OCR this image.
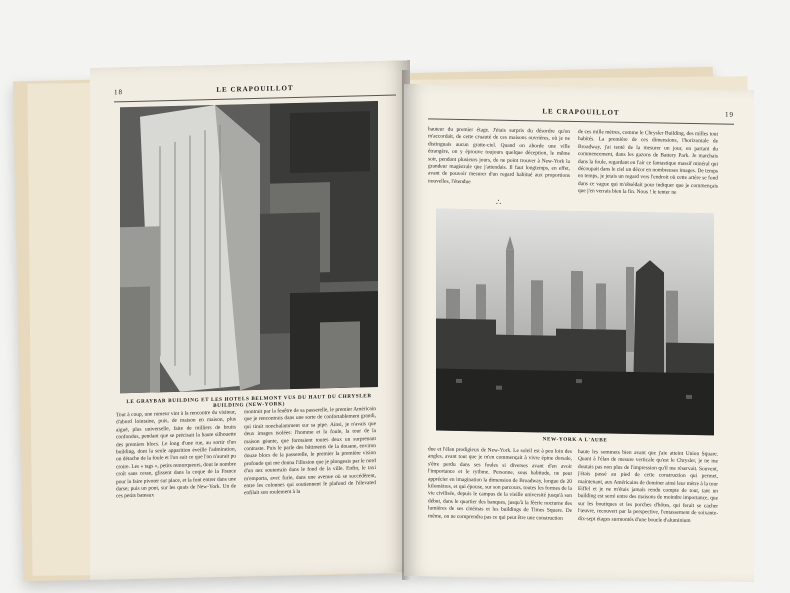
18	LE CRAPOUILLOT
LE GRAYBAR BUILDING ET LES HOTELS BELMONT VUS DU HAUT DU CHRYSLER BUILDING (NEW-YORK)
Tout à coup, une rumeur vint à la rencontre du visiteur, d'abord lointaine, puis, de maison en maison, plus aiguë, plus universelle, faite de milliers de bruits confondus, pendant que se précisait la haute silhouette des premiers blocs. Le long d'une rue, au sortir d'un building, dont la seule apparition éveille l'admiration, on détache de la foule et l'on suit ce que l'on n'aurait pu croire. Les « tags », petits remorqueurs, dont le nombre croît sans cesse, glissent dans la coque de la France pour la faire pivoter sur place, et la font entrer dans une darse; puis un pont, sur les quais de New-York. Un de ces petits bateaux
montrait par la fenêtre de sa passerelle, le premier Américain que je rencontrais dans une sorte de confortablement grandi, qui tirait nonchalamment sur sa pipe. Ainsi, je n'avais que deux images isolées: l'homme et la foule, la tour de la maison géante, que formaient toutes deux un surprenant contraste. Puis le parle des bâtiments de la douane, environ douze blocs de la passerelle, le premier la première vision profonde qui me donna l'illusion que je plongeais par le nord d'un nez souterrain dans le fond de la ville. Enfin, le taxi m'emporta, avec furie, dans une avenue où se succédèrent, entre les colonnes qui soutiennent le plafond de l'élevated enfilait son roulement à la
LE CRAPOUILLOT	19
hauteur du premier étage. J'étais surpris du désordre qu'on m'accordait, de cette cruauté de ces maisons ouvrières, où je ne distinguais aucun gratte-ciel. Quand on aborde une ville étrangère, on y éprouve toujours quelque déception, le même soir, pendant plusieurs jours, de ne point trouver à New-York la grandeur magistrale que j'attendais. Il faut longtemps, en effet, avant de pouvoir mesurer d'un regard habitué aux proportions nouvelles, l'étendue
∴
de ces mille mètres, comme le Chrysler Building, des milles tout habités. La première de ces dimensions, l'horizontale de Broadway, j'ai tenté de la mesurer un jour, en partant du commencement, dans les gazons de Battery Park. Je marchais dans la foule, regardant en l'air ce fantastique massif minéral qui découpait dans le ciel un décor en nombreuses images. De temps en temps, je jetais un regard vers l'endroit où cette artère se fond dans ce vague qui m'obsédait pour indiquer que je commençais que j'en verrais bien la fin. Nous ! le tenter ne
NEW-YORK A L'AUBE
due et l'élan prodigieux de New-York. Le soleil est à peu loin des angles, avant tout que je m'en commençait à vivre épine dorsale, s'être perdu dans ses foules si diverses avant d'en avoir l'importance et le rythme. Personne, sous habitude, ne peut apprécier en imagination la dimension de Broadway, longue de 20 kilomètres, et qui épouse, sur son parcours, toutes les formes de la vie civilisée, depuis le campus de la vieille université jusqu'à son début, dans le quartier des banques, jusqu'à la féerie nocturne des lumières de ses cinémas et les buildings de Times Square. De même, on ne comprendra pas ce qui peut être une construction
haute les sommets bien avant que j'aie atteint Union Square. Quant à l'élan de mesure verticale qu'est le Chrysler, je ne me doutais pas non plus de l'impression qu'il me réservait. Souvent, j'étais passé au pied de cette construction qui permet, maintenant, aux Américains de dominer ainsi leur mètre à la tour Eiffel et je ne m'étais jamais rendu compte de tout, tant un building est serré entre des maisons de moindre importance, que sur les boutiques et les porches d'hôtes, qui ferait se cacher l'œuvre, recouvert par la perspective, l'entassement de soixante-dix-sept étages surmontés d'une boucle d'aluminium
